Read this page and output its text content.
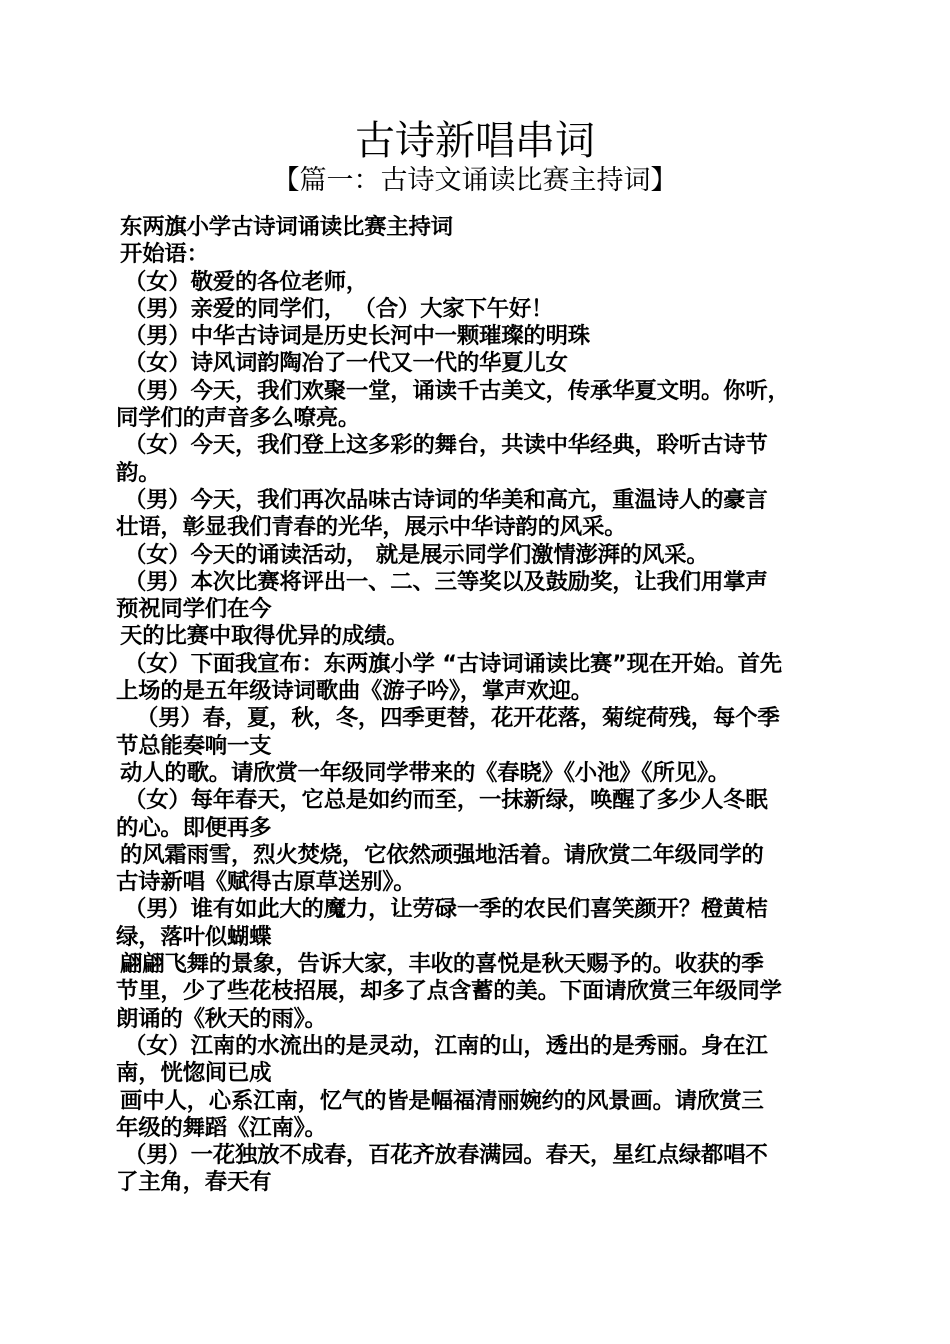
古诗新唱串词
【篇一：古诗文诵读比赛主持词】
东两旗小学古诗词诵读比赛主持词
开始语：
（女）敬爱的各位老师，
（男）亲爱的同学们， （合）大家下午好！
（男）中华古诗词是历史长河中一颗璀璨的明珠
（女）诗风词韵陶冶了一代又一代的华夏儿女
（男）今天，我们欢聚一堂，诵读千古美文，传承华夏文明。你听，
同学们的声音多么嘹亮。
（女）今天，我们登上这多彩的舞台，共读中华经典，聆听古诗节
韵。
（男）今天，我们再次品味古诗词的华美和高亢，重温诗人的豪言
壮语，彰显我们青春的光华，展示中华诗韵的风采。
（女）今天的诵读活动， 就是展示同学们激情澎湃的风采。
（男）本次比赛将评出一、二、三等奖以及鼓励奖，让我们用掌声
预祝同学们在今
天的比赛中取得优异的成绩。
（女）下面我宣布：东两旗小学 “古诗词诵读比赛”现在开始。首先
上场的是五年级诗词歌曲《游子吟》，掌声欢迎。
（男）春，夏，秋，冬，四季更替，花开花落，菊绽荷残，每个季
节总能奏响一支
动人的歌。请欣赏一年级同学带来的《春晓》《小池》《所见》。
（女）每年春天，它总是如约而至，一抹新绿，唤醒了多少人冬眠
的心。即便再多
的风霜雨雪，烈火焚烧，它依然顽强地活着。请欣赏二年级同学的
古诗新唱《赋得古原草送别》。
（男）谁有如此大的魔力，让劳碌一季的农民们喜笑颜开？橙黄桔
绿，落叶似蝴蝶
翩翩飞舞的景象，告诉大家，丰收的喜悦是秋天赐予的。收获的季
节里，少了些花枝招展，却多了点含蓄的美。下面请欣赏三年级同学
朗诵的《秋天的雨》。
（女）江南的水流出的是灵动，江南的山，透出的是秀丽。身在江
南，恍惚间已成
画中人，心系江南，忆气的皆是幅福清丽婉约的风景画。请欣赏三
年级的舞蹈《江南》。
（男）一花独放不成春，百花齐放春满园。春天，星红点绿都唱不
了主角，春天有
